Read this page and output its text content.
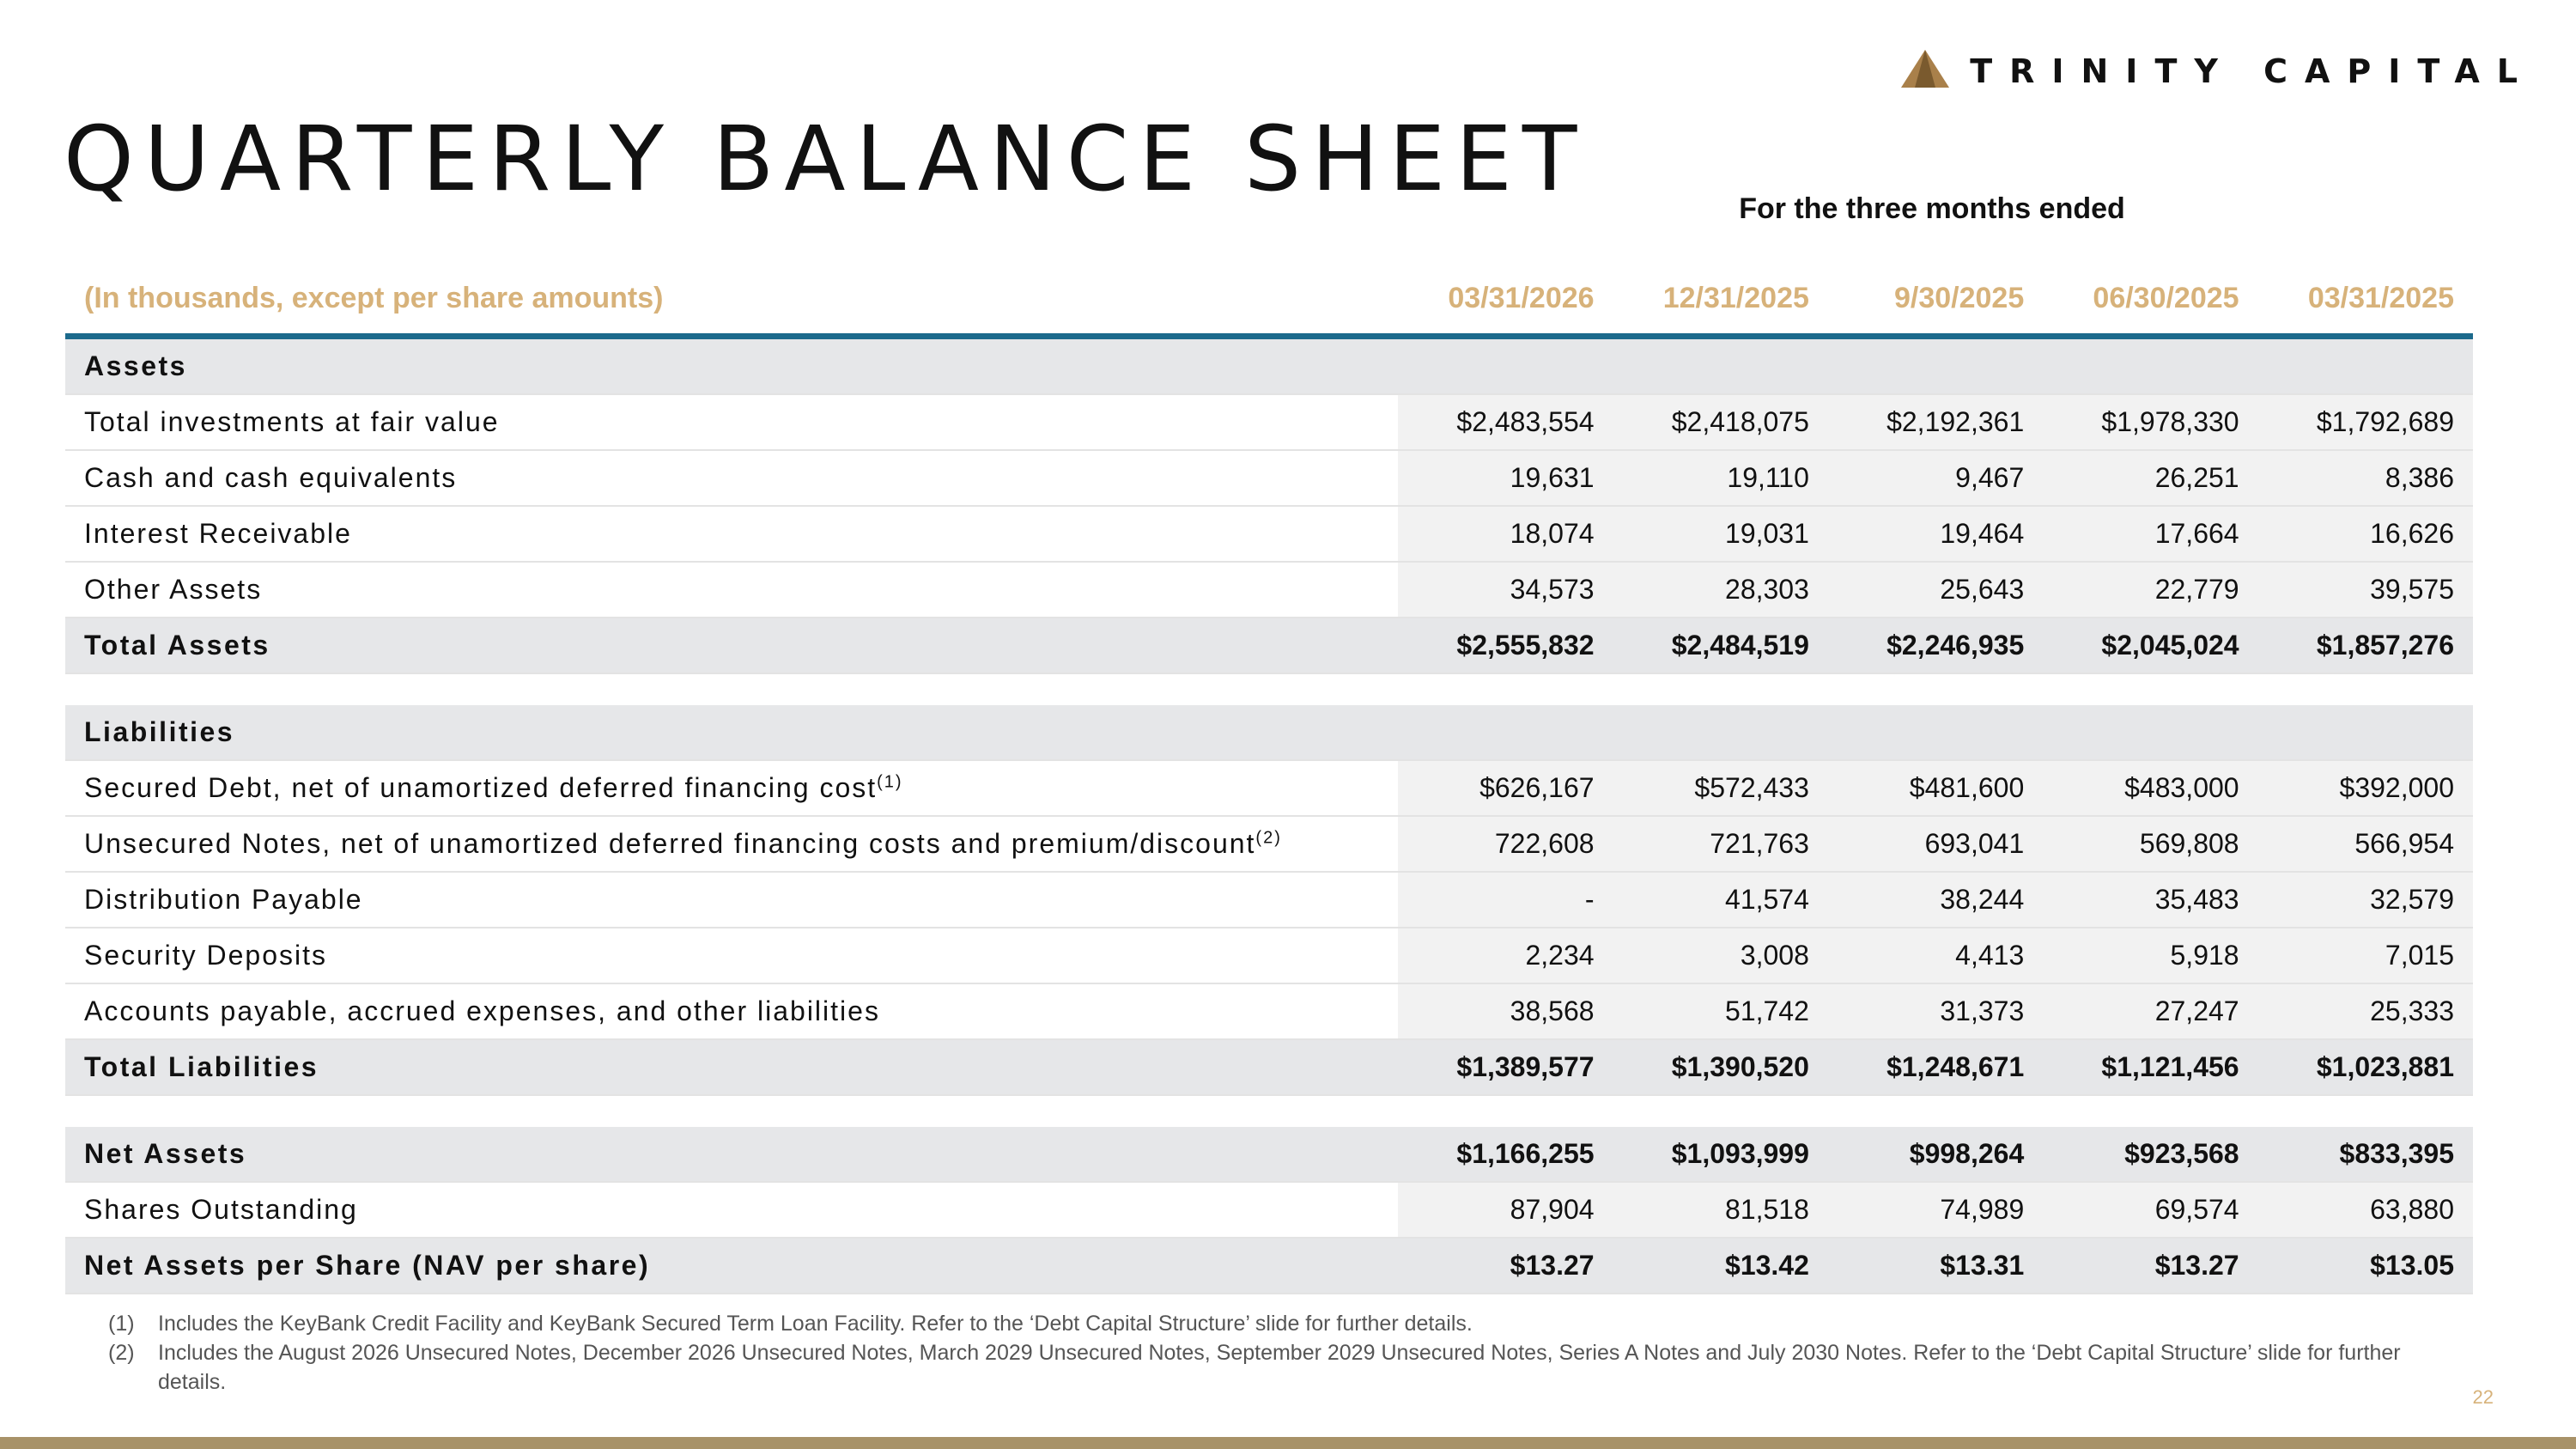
TRINITY CAPITAL
QUARTERLY BALANCE SHEET	For the three months ended
(In thousands, except per share amounts)	03/31/2026	12/31/2025	9/30/2025	06/30/2025	03/31/2025
Assets					
Total investments at fair value	$2,483,554	$2,418,075	$2,192,361	$1,978,330	$1,792,689
Cash and cash equivalents	19,631	19,110	9,467	26,251	8,386
Interest Receivable	18,074	19,031	19,464	17,664	16,626
Other Assets	34,573	28,303	25,643	22,779	39,575
Total Assets	$2,555,832	$2,484,519	$2,246,935	$2,045,024	$1,857,276

Liabilities					
Secured Debt, net of unamortized deferred financing cost$^{(1)}$	$626,167	$572,433	$481,600	$483,000	$392,000
Unsecured Notes, net of unamortized deferred financing costs and premium/discount$^{(2)}$	722,608	721,763	693,041	569,808	566,954
Distribution Payable	-	41,574	38,244	35,483	32,579
Security Deposits	2,234	3,008	4,413	5,918	7,015
Accounts payable, accrued expenses, and other liabilities	38,568	51,742	31,373	27,247	25,333
Total Liabilities	$1,389,577	$1,390,520	$1,248,671	$1,121,456	$1,023,881

Net Assets	$1,166,255	$1,093,999	$998,264	$923,568	$833,395
Shares Outstanding	87,904	81,518	74,989	69,574	63,880
Net Assets per Share (NAV per share)	$13.27	$13.42	$13.31	$13.27	$13.05
(1)	Includes the KeyBank Credit Facility and KeyBank Secured Term Loan Facility. Refer to the ‘Debt Capital Structure’ slide for further details.
(2)	Includes the August 2026 Unsecured Notes, December 2026 Unsecured Notes, March 2029 Unsecured Notes, September 2029 Unsecured Notes, Series A Notes and July 2030 Notes. Refer to the ‘Debt Capital Structure’ slide for further details.
22
